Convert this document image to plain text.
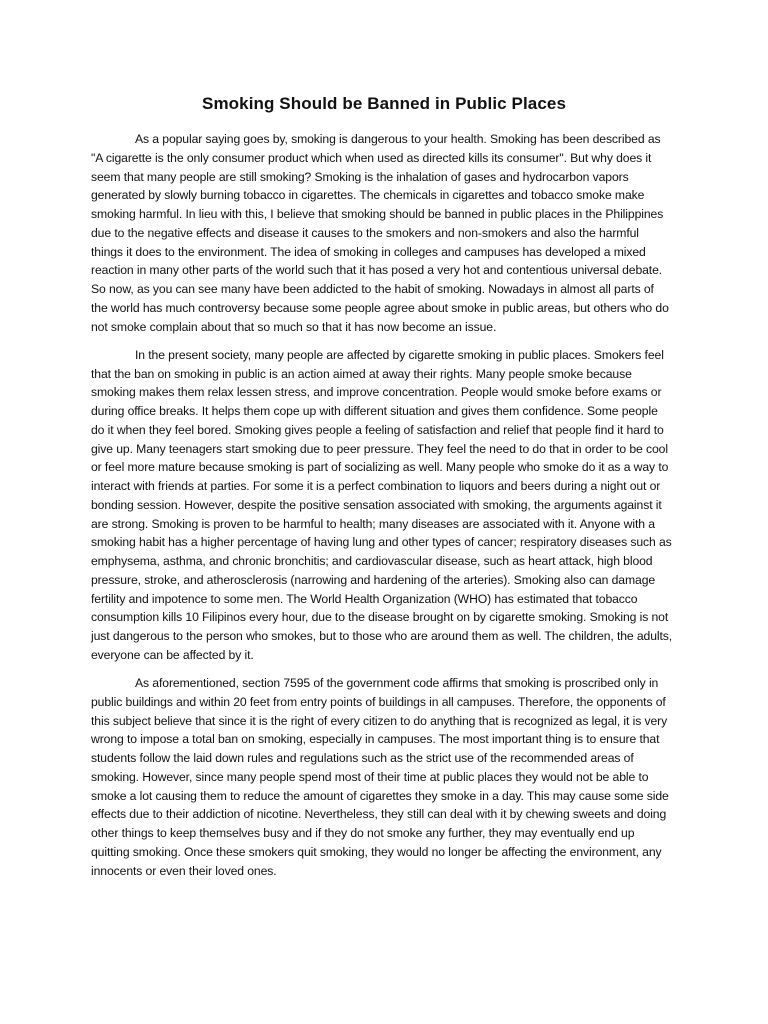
Smoking Should be Banned in Public Places

As a popular saying goes by, smoking is dangerous to your health. Smoking has been described as "A cigarette is the only consumer product which when used as directed kills its consumer". But why does it seem that many people are still smoking? Smoking is the inhalation of gases and hydrocarbon vapors generated by slowly burning tobacco in cigarettes. The chemicals in cigarettes and tobacco smoke make smoking harmful. In lieu with this, I believe that smoking should be banned in public places in the Philippines due to the negative effects and disease it causes to the smokers and non-smokers and also the harmful things it does to the environment. The idea of smoking in colleges and campuses has developed a mixed reaction in many other parts of the world such that it has posed a very hot and contentious universal debate. So now, as you can see many have been addicted to the habit of smoking. Nowadays in almost all parts of the world has much controversy because some people agree about smoke in public areas, but others who do not smoke complain about that so much so that it has now become an issue.

In the present society, many people are affected by cigarette smoking in public places. Smokers feel that the ban on smoking in public is an action aimed at away their rights. Many people smoke because smoking makes them relax lessen stress, and improve concentration. People would smoke before exams or during office breaks. It helps them cope up with different situation and gives them confidence. Some people do it when they feel bored. Smoking gives people a feeling of satisfaction and relief that people find it hard to give up. Many teenagers start smoking due to peer pressure. They feel the need to do that in order to be cool or feel more mature because smoking is part of socializing as well. Many people who smoke do it as a way to interact with friends at parties. For some it is a perfect combination to liquors and beers during a night out or bonding session. However, despite the positive sensation associated with smoking, the arguments against it are strong. Smoking is proven to be harmful to health; many diseases are associated with it. Anyone with a smoking habit has a higher percentage of having lung and other types of cancer; respiratory diseases such as emphysema, asthma, and chronic bronchitis; and cardiovascular disease, such as heart attack, high blood pressure, stroke, and atherosclerosis (narrowing and hardening of the arteries). Smoking also can damage fertility and impotence to some men. The World Health Organization (WHO) has estimated that tobacco consumption kills 10 Filipinos every hour, due to the disease brought on by cigarette smoking. Smoking is not just dangerous to the person who smokes, but to those who are around them as well. The children, the adults, everyone can be affected by it.

As aforementioned, section 7595 of the government code affirms that smoking is proscribed only in public buildings and within 20 feet from entry points of buildings in all campuses. Therefore, the opponents of this subject believe that since it is the right of every citizen to do anything that is recognized as legal, it is very wrong to impose a total ban on smoking, especially in campuses. The most important thing is to ensure that students follow the laid down rules and regulations such as the strict use of the recommended areas of smoking. However, since many people spend most of their time at public places they would not be able to smoke a lot causing them to reduce the amount of cigarettes they smoke in a day. This may cause some side effects due to their addiction of nicotine. Nevertheless, they still can deal with it by chewing sweets and doing other things to keep themselves busy and if they do not smoke any further, they may eventually end up quitting smoking. Once these smokers quit smoking, they would no longer be affecting the environment, any innocents or even their loved ones.
